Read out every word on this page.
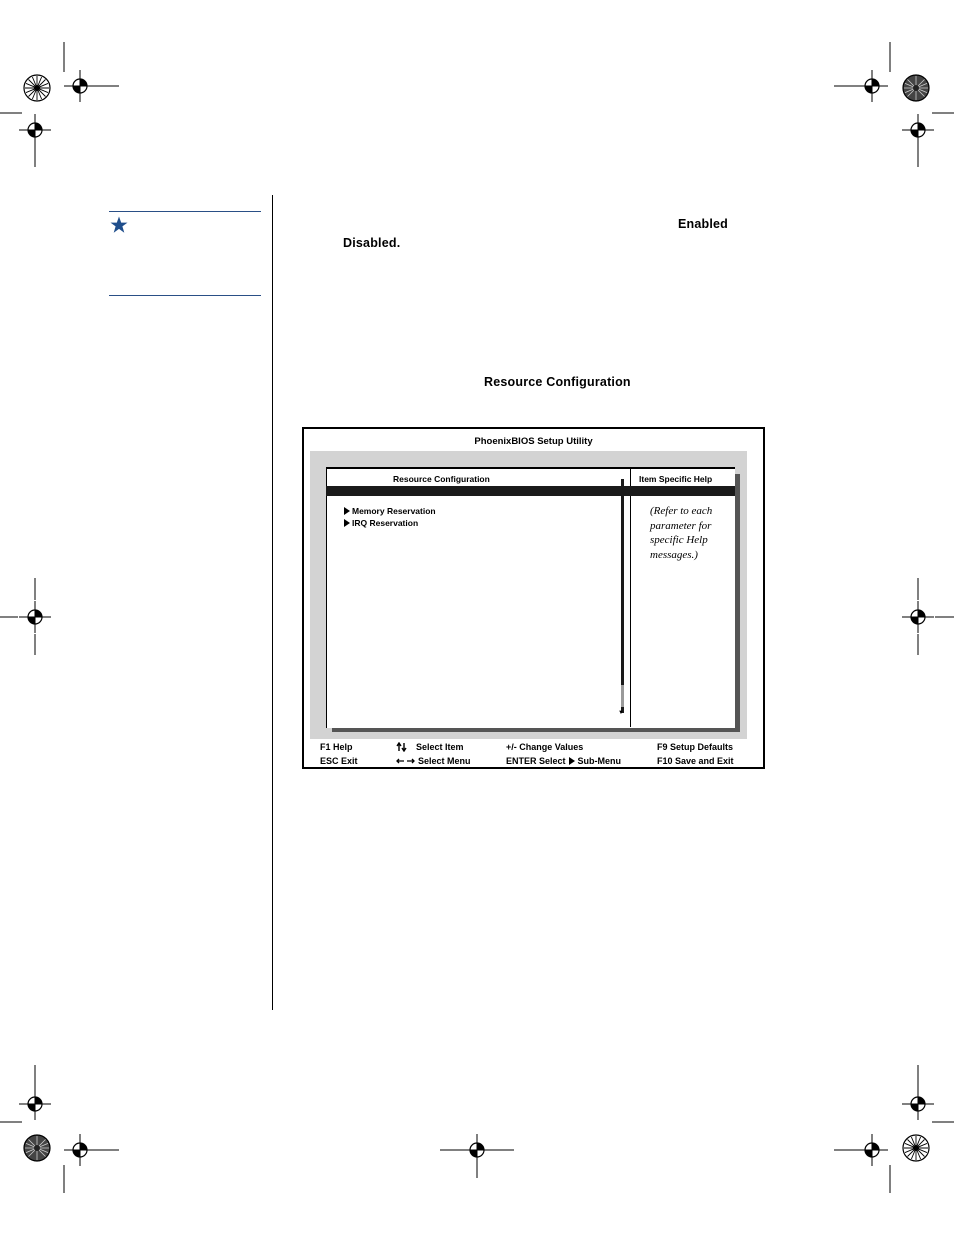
Enabled
Disabled.
Resource Configuration
PhoenixBIOS Setup Utility
Resource Configuration	Item Specific Help
▼
Memory Reservation
IRQ Reservation
(Refer to each
parameter for
specific Help
messages.)
F1 Help
ESC Exit
Select Item
Select Menu
+/- Change Values
ENTER Select Sub-Menu
F9 Setup Defaults
F10 Save and Exit
